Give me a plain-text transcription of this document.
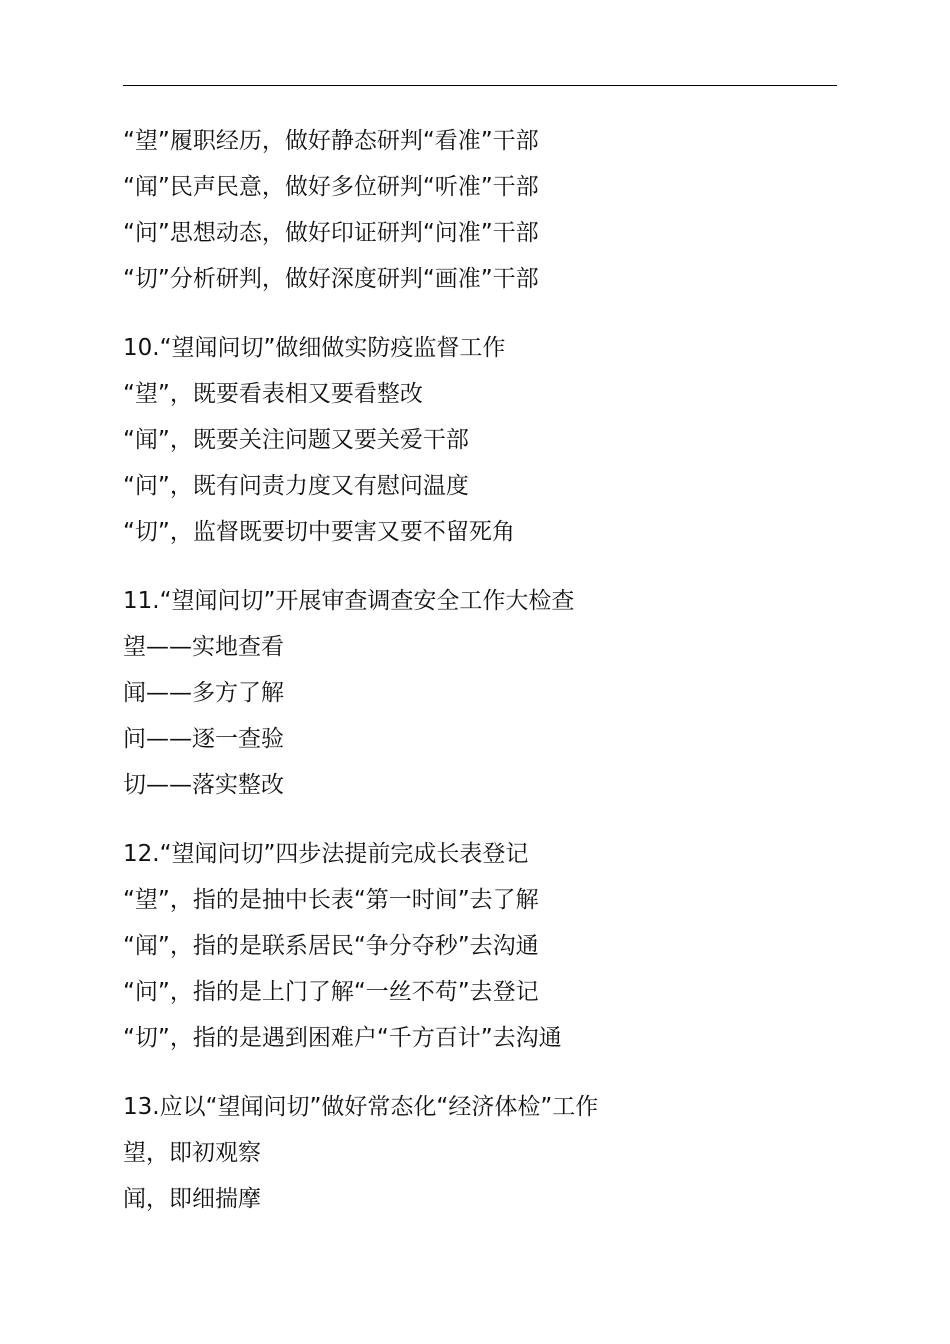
“望”履职经历，做好静态研判“看准”干部
“闻”民声民意，做好多位研判“听准”干部
“问”思想动态，做好印证研判“问准”干部
“切”分析研判，做好深度研判“画准”干部
10.“望闻问切”做细做实防疫监督工作
“望”，既要看表相又要看整改
“闻”，既要关注问题又要关爱干部
“问”，既有问责力度又有慰问温度
“切”，监督既要切中要害又要不留死角
11.“望闻问切”开展审查调查安全工作大检查
望——实地查看
闻——多方了解
问——逐一查验
切——落实整改
12.“望闻问切”四步法提前完成长表登记
“望”，指的是抽中长表“第一时间”去了解
“闻”，指的是联系居民“争分夺秒”去沟通
“问”，指的是上门了解“一丝不苟”去登记
“切”，指的是遇到困难户“千方百计”去沟通
13.应以“望闻问切”做好常态化“经济体检”工作
望，即初观察
闻，即细揣摩
